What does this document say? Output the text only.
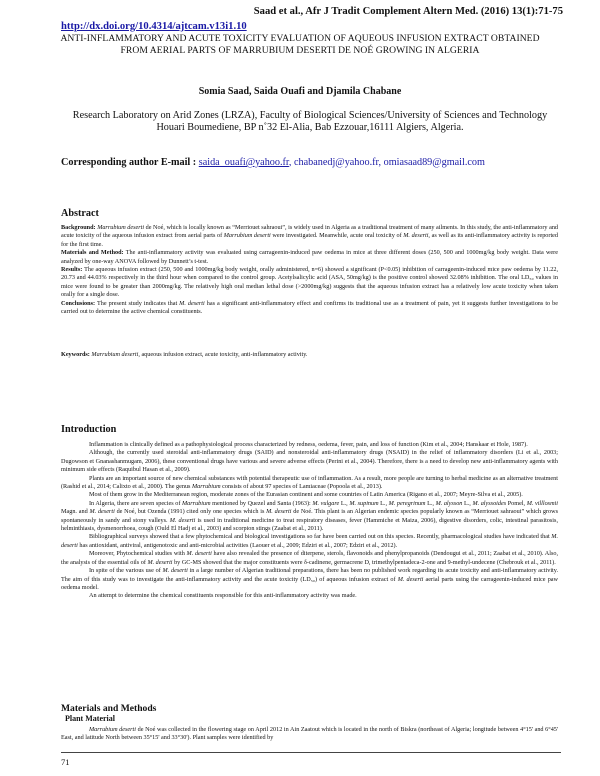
Saad et al., Afr J Tradit Complement Altern Med. (2016) 13(1):71-75
http://dx.doi.org/10.4314/ajtcam.v13i1.10
ANTI-INFLAMMATORY AND ACUTE TOXICITY EVALUATION OF AQUEOUS INFUSION EXTRACT OBTAINED FROM AERIAL PARTS OF MARRUBIUM DESERTI DE NOÉ GROWING IN ALGERIA
Somia Saad, Saida Ouafi and Djamila Chabane
Research Laboratory on Arid Zones (LRZA), Faculty of Biological Sciences/University of Sciences and Technology Houari Boumediene, BP n˚32 El-Alia, Bab Ezzouar,16111 Algiers, Algeria.
Corresponding author E-mail : saida_ouafi@yahoo.fr, chabanedj@yahoo.fr, omiasaad89@gmail.com
Abstract
Background: Marrubium deserti de Noé, which is locally known as “Merriouet sahraoui”, is widely used in Algeria as a traditional treatment of many ailments. In this study, the anti-inflammatory and acute toxicity of the aqueous infusion extract from aerial parts of Marrubium deserti were investigated. Meanwhile, acute oral toxicity of M. deserti, as well as its anti-inflammatory activity is reported for the first time.
Materials and Method: The anti-inflammatory activity was evaluated using carrageenin-induced paw oedema in mice at three different doses (250, 500 and 1000mg/kg body weight. Data were analyzed by one-way ANOVA followed by Dunnett’s t-test.
Results: The aqueous infusion extract (250, 500 and 1000mg/kg body weight, orally administered, n=6) showed a significant (P<0.05) inhibition of carrageenin-induced mice paw oedema by 11.22, 20.73 and 44.03% respectively in the third hour when compared to the control group. Acetylsalicylic acid (ASA, 50mg/kg) is the positive control showed 32.08% inhibition. The oral LD₅₀ values in mice were found to be greater than 2000mg/kg. The relatively high oral median lethal dose (>2000mg/kg) suggests that the aqueous infusion extract has a relatively low acute toxicity when taken orally for a single dose.
Conclusions: The present study indicates that M. deserti has a significant anti-inflammatory effect and confirms its traditional use as a treatment of pain, yet it suggests further investigations to be carried out to determine the active chemical constituents.
Keywords: Marrubium deserti, aqueous infusion extract, acute toxicity, anti-inflammatory activity.
Introduction
Inflammation is clinically defined as a pathophysiological process characterized by redness, oedema, fever, pain, and loss of function (Kim et al., 2004; Hanskaar et Hole, 1987).
Although, the currently used steroidal anti-inflammatory drugs (SAID) and nonsteroidal anti-inflammatory drugs (NSAID) in the relief of inflammatory disorders (Li et al., 2003; Dugowson et Gnanashanmugam, 2006), these conventional drugs have various and severe adverse effects (Perini et al., 2004). Therefore, there is a need to develop new anti-inflammatory agents with minimum side effects (Raquibul Hasan et al., 2009).
Plants are an important source of new chemical substances with potential therapeutic use of inflammation. As a result, more people are turning to herbal medicine as an alternative treatment (Rashid et al., 2014; Calixto et al., 2000). The genus Marrubium consists of about 97 species of Lamiaceae (Popoola et al., 2013).
Most of them grow in the Mediterranean region, moderate zones of the Eurasian continent and some countries of Latin America (Rigano et al., 2007; Meyre-Silva et al., 2005).
In Algeria, there are seven species of Marrubium mentioned by Quezel and Santa (1963): M. vulgare L., M. supinum L., M. peregrinum L., M. alysson L., M. alyssoides Pomel, M. villlosmii Magn. and M. deserti de Noé, but Ozenda (1991) cited only one species which is M. deserti de Noé. This plant is an Algerian endemic species popularly known as “Merriouet sahraoui” which grows spontaneously in sandy and stony valleys. M. deserti is used in traditional medicine to treat respiratory diseases, fever (Hammiche et Maiza, 2006), digestive disorders, colic, intestinal parasitosis, helminthiasis, dysmenorrhoea, cough (Ould El Hadj et al., 2003) and scorpion stings (Zaabat et al., 2011).
Bibliographical surveys showed that a few phytochemical and biological investigations so far have been carried out on this species. Recently, pharmacological studies have indicated that M. deserti has antioxidant, antiviral, antigenotoxic and anti-microbial activities (Laouer et al., 2009; Edziri et al., 2007; Edziri et al., 2012).
Moreover, Phytochemical studies with M. deserti have also revealed the presence of diterpene, sterols, flavonoids and phenylpropanoids (Dendougui et al., 2011; Zaabat et al., 2010). Also, the analysis of the essential oils of M. deserti by GC-MS showed that the major constituents were δ-cadinene, germacrene D, trimethylpentadeca-2-one and 9-methyl-undecene (Chebrouk et al., 2011).
In spite of the various use of M. deserti in a large number of Algerian traditional preparations, there has been no published work regarding its acute toxicity and anti-inflammatory activity. The aim of this study was to investigate the anti-inflammatory activity and the acute toxicity (LD₅₀) of aqueous infusion extract of M. deserti aerial parts using the carrageenin-induced mice paw oedema model.
An attempt to determine the chemical constituents responsible for this anti-inflammatory activity was made.
Materials and Methods
Plant Material
Marrubium deserti de Noé was collected in the flowering stage on April 2012 in Ain Zaatout which is located in the north of Biskra (northeast of Algeria; longitude between 4°15' and 6°45' East, and latitude North between 35°15' and 33°30'). Plant samples were identified by
71
